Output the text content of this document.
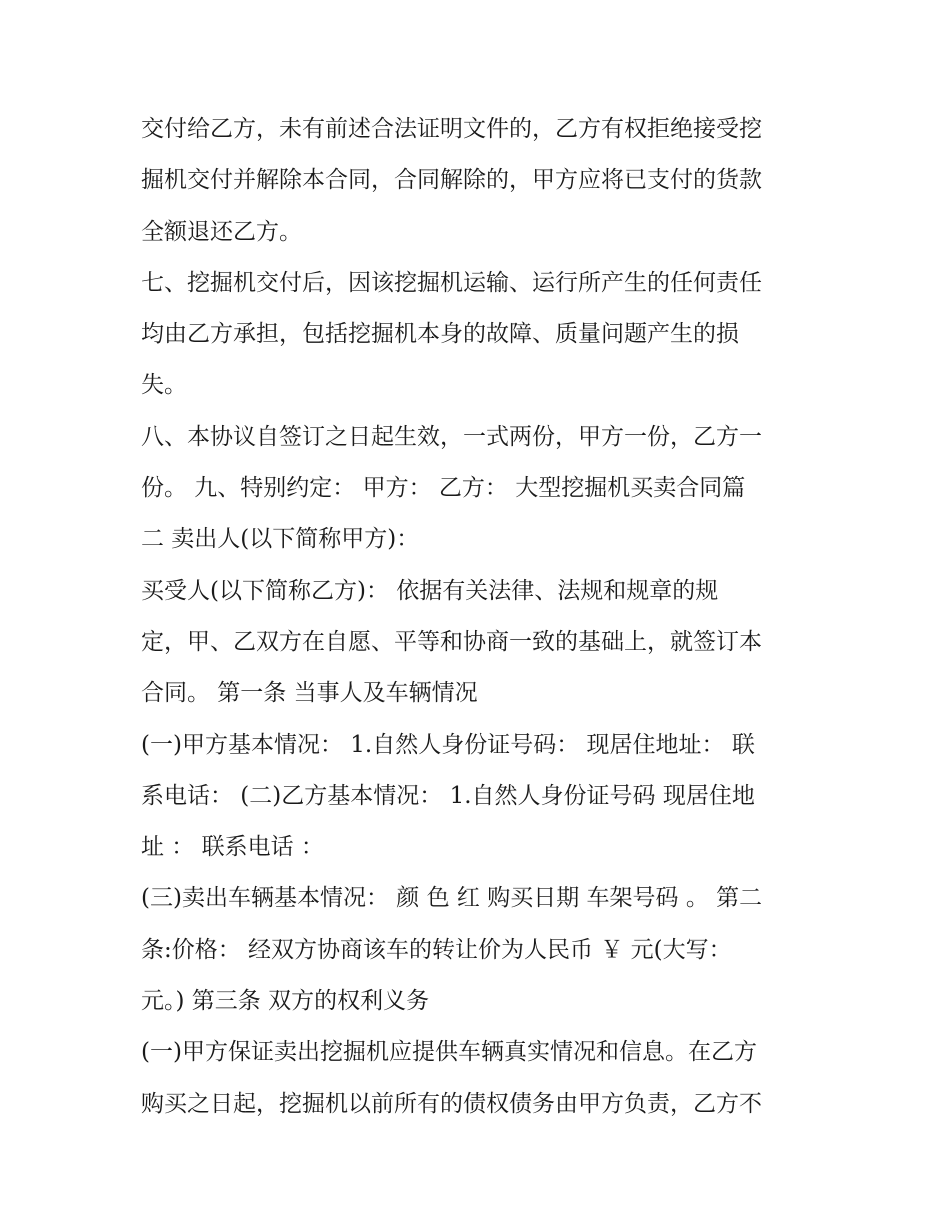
交付给乙方，未有前述合法证明文件的，乙方有权拒绝接受挖
掘机交付并解除本合同，合同解除的，甲方应将已支付的货款
全额退还乙方。
七、挖掘机交付后，因该挖掘机运输、运行所产生的任何责任
均由乙方承担，包括挖掘机本身的故障、质量问题产生的损
失。
八、本协议自签订之日起生效，一式两份，甲方一份，乙方一
份。 九、特别约定： 甲方： 乙方： 大型挖掘机买卖合同篇
二 卖出人(以下简称甲方)：
买受人(以下简称乙方)： 依据有关法律、法规和规章的规
定，甲、乙双方在自愿、平等和协商一致的基础上，就签订本
合同。 第一条 当事人及车辆情况
(一)甲方基本情况： 1.自然人身份证号码： 现居住地址： 联
系电话： (二)乙方基本情况： 1.自然人身份证号码 现居住地
址 ： 联系电话 ：
(三)卖出车辆基本情况： 颜 色 红 购买日期 车架号码 。 第二
条:价格： 经双方协商该车的转让价为人民币 ￥ 元(大写：
元。) 第三条 双方的权利义务
(一)甲方保证卖出挖掘机应提供车辆真实情况和信息。在乙方
购买之日起，挖掘机以前所有的债权债务由甲方负责，乙方不
